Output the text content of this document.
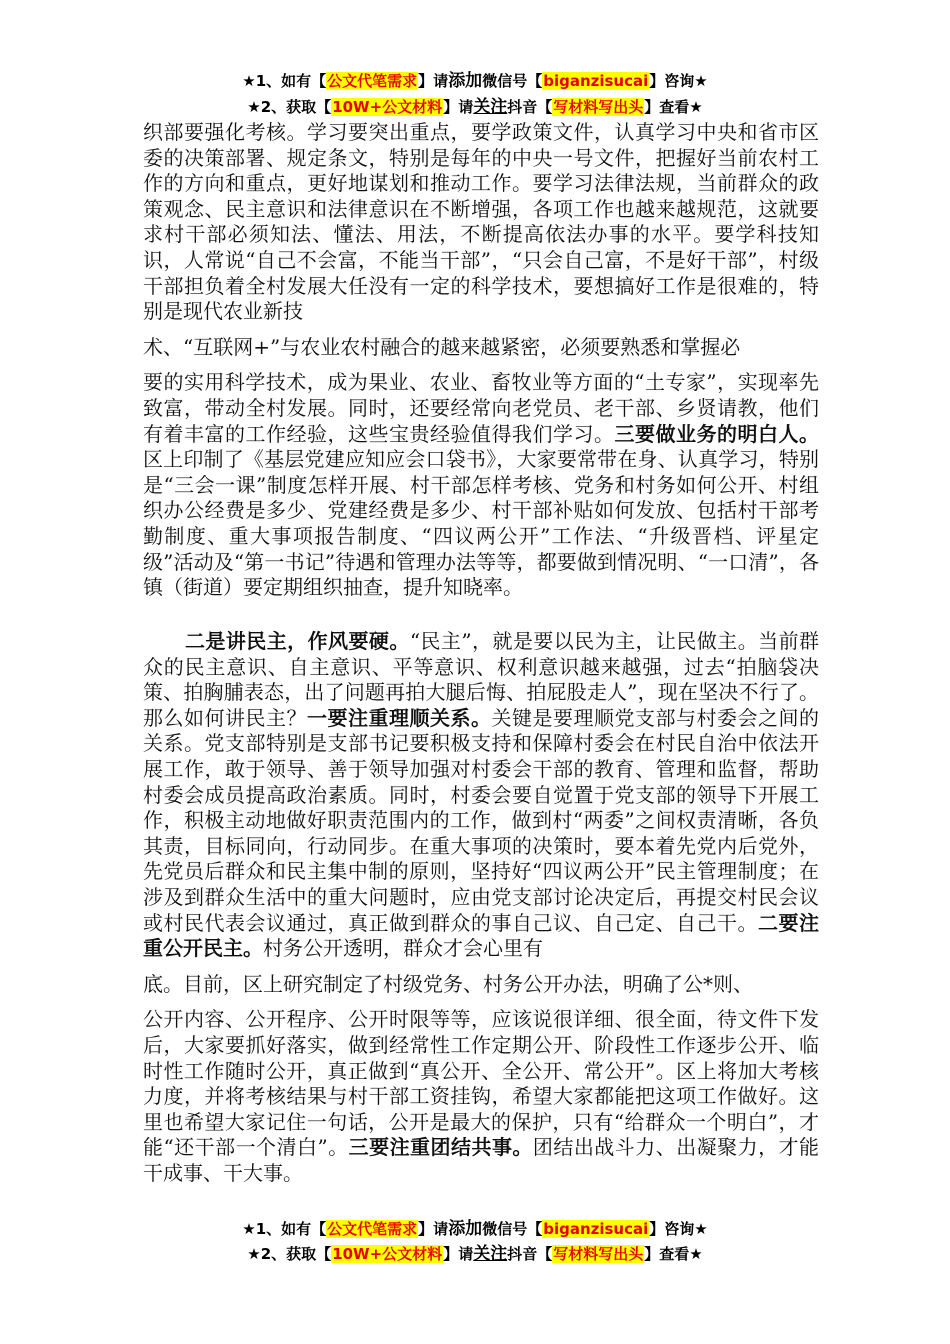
★1、如有【公文代笔需求】请添加微信号【biganzisucai】咨询★
★2、获取【10W+公文材料】请关注抖音【写材料写出头】查看★

织部要强化考核。学习要突出重点，要学政策文件，认真学习中央和省市区委的决策部署、规定条文，特别是每年的中央一号文件，把握好当前农村工作的方向和重点，更好地谋划和推动工作。要学习法律法规，当前群众的政策观念、民主意识和法律意识在不断增强，各项工作也越来越规范，这就要求村干部必须知法、懂法、用法，不断提高依法办事的水平。要学科技知识，人常说“自己不会富，不能当干部”，“只会自己富，不是好干部”，村级干部担负着全村发展大任没有一定的科学技术，要想搞好工作是很难的，特别是现代农业新技

术、“互联网+”与农业农村融合的越来越紧密，必须要熟悉和掌握必

要的实用科学技术，成为果业、农业、畜牧业等方面的“土专家”，实现率先致富，带动全村发展。同时，还要经常向老党员、老干部、乡贤请教，他们有着丰富的工作经验，这些宝贵经验值得我们学习。三要做业务的明白人。区上印制了《基层党建应知应会口袋书》，大家要常带在身、认真学习，特别是“三会一课”制度怎样开展、村干部怎样考核、党务和村务如何公开、村组织办公经费是多少、党建经费是多少、村干部补贴如何发放、包括村干部考勤制度、重大事项报告制度、“四议两公开”工作法、“升级晋档、评星定级”活动及“第一书记”待遇和管理办法等等，都要做到情况明、“一口清”，各镇（街道）要定期组织抽查，提升知晓率。

二是讲民主，作风要硬。“民主”，就是要以民为主，让民做主。当前群众的民主意识、自主意识、平等意识、权利意识越来越强，过去“拍脑袋决策、拍胸脯表态，出了问题再拍大腿后悔、拍屁股走人”，现在坚决不行了。那么如何讲民主？一要注重理顺关系。关键是要理顺党支部与村委会之间的关系。党支部特别是支部书记要积极支持和保障村委会在村民自治中依法开展工作，敢于领导、善于领导加强对村委会干部的教育、管理和监督，帮助村委会成员提高政治素质。同时，村委会要自觉置于党支部的领导下开展工作，积极主动地做好职责范围内的工作，做到村“两委”之间权责清晰，各负其责，目标同向，行动同步。在重大事项的决策时，要本着先党内后党外，先党员后群众和民主集中制的原则，坚持好“四议两公开”民主管理制度；在涉及到群众生活中的重大问题时，应由党支部讨论决定后，再提交村民会议或村民代表会议通过，真正做到群众的事自己议、自己定、自己干。二要注重公开民主。村务公开透明，群众才会心里有

底。目前，区上研究制定了村级党务、村务公开办法，明确了公*则、

公开内容、公开程序、公开时限等等，应该说很详细、很全面，待文件下发后，大家要抓好落实，做到经常性工作定期公开、阶段性工作逐步公开、临时性工作随时公开，真正做到“真公开、全公开、常公开”。区上将加大考核力度，并将考核结果与村干部工资挂钩，希望大家都能把这项工作做好。这里也希望大家记住一句话，公开是最大的保护，只有“给群众一个明白”，才能“还干部一个清白”。三要注重团结共事。团结出战斗力、出凝聚力，才能干成事、干大事。

★1、如有【公文代笔需求】请添加微信号【biganzisucai】咨询★
★2、获取【10W+公文材料】请关注抖音【写材料写出头】查看★
